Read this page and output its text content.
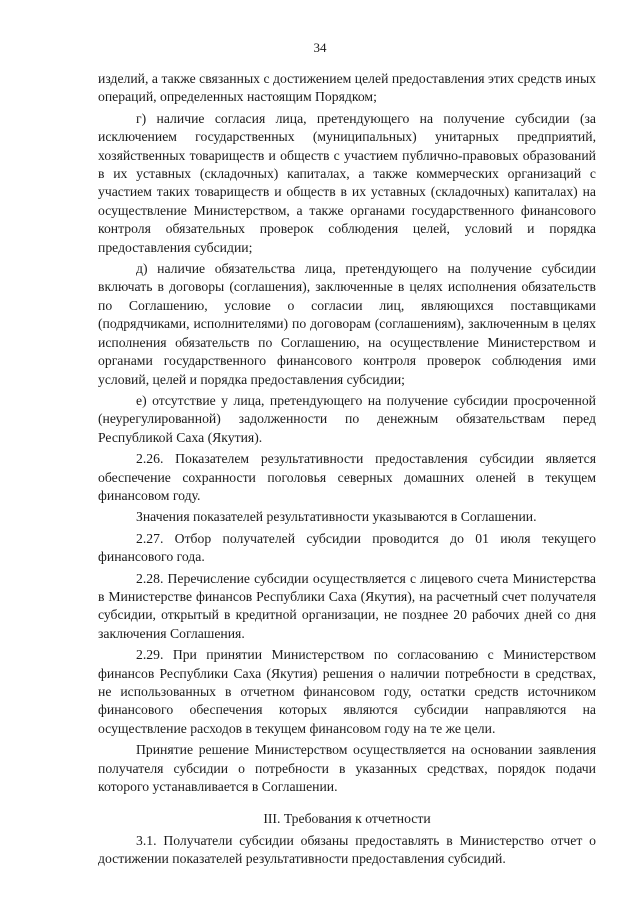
34

изделий, а также связанных с достижением целей предоставления этих средств иных операций, определенных настоящим Порядком;

г) наличие согласия лица, претендующего на получение субсидии (за исключением государственных (муниципальных) унитарных предприятий, хозяйственных товариществ и обществ с участием публично-правовых образований в их уставных (складочных) капиталах, а также коммерческих организаций с участием таких товариществ и обществ в их уставных (складочных) капиталах) на осуществление Министерством, а также органами государственного финансового контроля обязательных проверок соблюдения целей, условий и порядка предоставления субсидии;

д) наличие обязательства лица, претендующего на получение субсидии включать в договоры (соглашения), заключенные в целях исполнения обязательств по Соглашению, условие о согласии лиц, являющихся поставщиками (подрядчиками, исполнителями) по договорам (соглашениям), заключенным в целях исполнения обязательств по Соглашению, на осуществление Министерством и органами государственного финансового контроля проверок соблюдения ими условий, целей и порядка предоставления субсидии;

е) отсутствие у лица, претендующего на получение субсидии просроченной (неурегулированной) задолженности по денежным обязательствам перед Республикой Саха (Якутия).

2.26. Показателем результативности предоставления субсидии является обеспечение сохранности поголовья северных домашних оленей в текущем финансовом году.

Значения показателей результативности указываются в Соглашении.

2.27. Отбор получателей субсидии проводится до 01 июля текущего финансового года.

2.28. Перечисление субсидии осуществляется с лицевого счета Министерства в Министерстве финансов Республики Саха (Якутия), на расчетный счет получателя субсидии, открытый в кредитной организации, не позднее 20 рабочих дней со дня заключения Соглашения.

2.29. При принятии Министерством по согласованию с Министерством финансов Республики Саха (Якутия) решения о наличии потребности в средствах, не использованных в отчетном финансовом году, остатки средств источником финансового обеспечения которых являются субсидии направляются на осуществление расходов в текущем финансовом году на те же цели.

Принятие решение Министерством осуществляется на основании заявления получателя субсидии о потребности в указанных средствах, порядок подачи которого устанавливается в Соглашении.

III. Требования к отчетности

3.1. Получатели субсидии обязаны предоставлять в Министерство отчет о достижении показателей результативности предоставления субсидий.
